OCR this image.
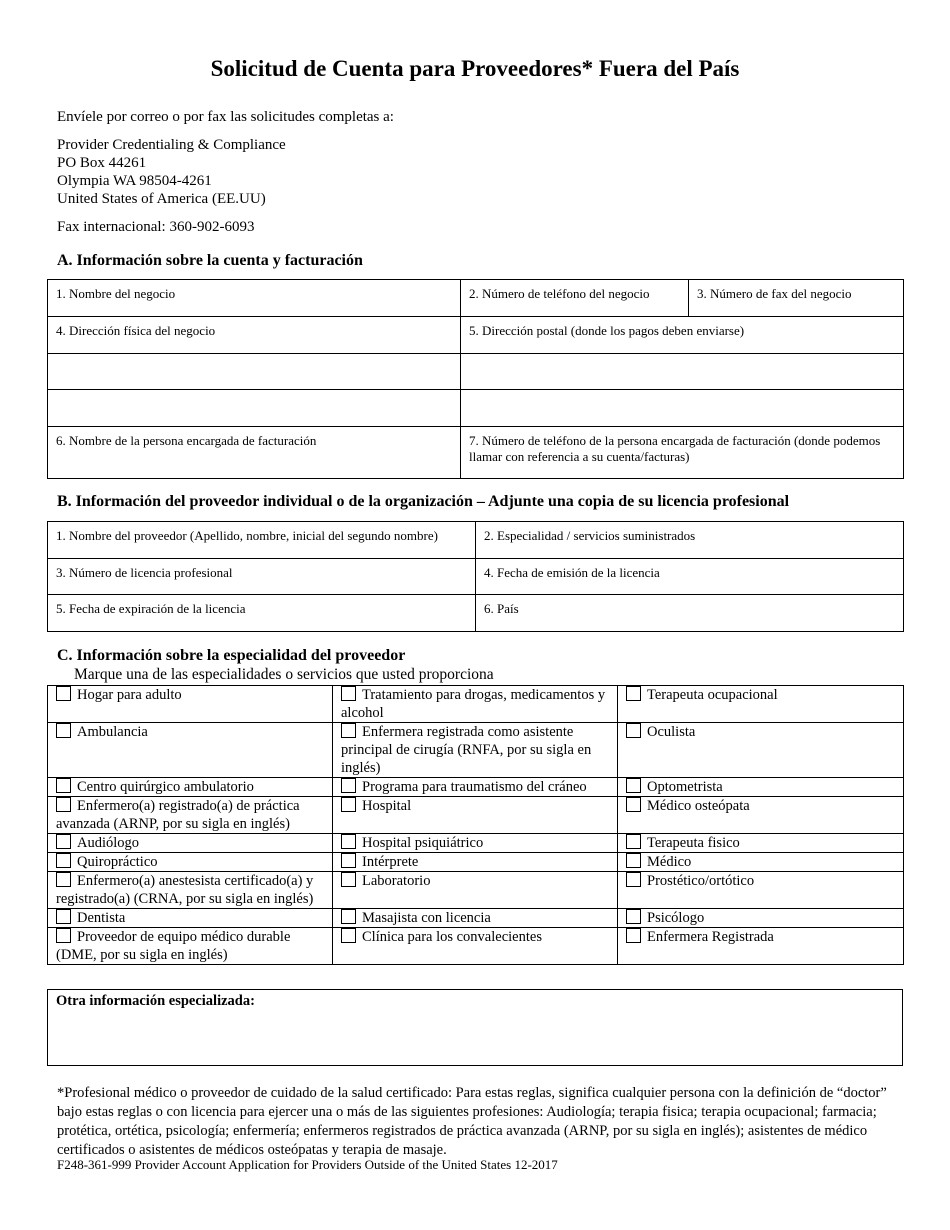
Solicitud de Cuenta para Proveedores* Fuera del País
Envíele por correo o por fax las solicitudes completas a:
Provider Credentialing & Compliance
PO Box 44261
Olympia WA 98504-4261
United States of America (EE.UU)
Fax internacional: 360-902-6093
A. Información sobre la cuenta y facturación
1. Nombre del negocio	2. Número de teléfono del negocio	3. Número de fax del negocio
4. Dirección física del negocio	5. Dirección postal (donde los pagos deben enviarse)	

6. Nombre de la persona encargada de facturación	7. Número de teléfono de la persona encargada de facturación (donde podemos llamar con referencia a su cuenta/facturas)	
B. Información del proveedor individual o de la organización – Adjunte una copia de su licencia profesional
1. Nombre del proveedor (Apellido, nombre, inicial del segundo nombre)	2. Especialidad / servicios suministrados
3. Número de licencia profesional	4. Fecha de emisión de la licencia
5. Fecha de expiración de la licencia	6. País
C. Información sobre la especialidad del proveedor
Marque una de las especialidades o servicios que usted proporciona
Hogar para adulto	Tratamiento para drogas, medicamentos y alcohol	Terapeuta ocupacional
Ambulancia	Enfermera registrada como asistente principal de cirugía (RNFA, por su sigla en inglés)	Oculista
Centro quirúrgico ambulatorio	Programa para traumatismo del cráneo	Optometrista
Enfermero(a) registrado(a) de práctica avanzada (ARNP, por su sigla en inglés)	Hospital	Médico osteópata
Audiólogo	Hospital psiquiátrico	Terapeuta fisico
Quiropráctico	Intérprete	Médico
Enfermero(a) anestesista certificado(a) y registrado(a) (CRNA, por su sigla en inglés)	Laboratorio	Prostético/ortótico
Dentista	Masajista con licencia	Psicólogo
Proveedor de equipo médico durable (DME, por su sigla en inglés)	Clínica para los convalecientes	Enfermera Registrada
Otra información especializada:
*Profesional médico o proveedor de cuidado de la salud certificado: Para estas reglas, significa cualquier persona con la definición de “doctor” bajo estas reglas o con licencia para ejercer una o más de las siguientes profesiones: Audiología; terapia fisica; terapia ocupacional; farmacia; protética, ortética, psicología; enfermería; enfermeros registrados de práctica avanzada (ARNP, por su sigla en inglés); asistentes de médico certificados o asistentes de médicos osteópatas y terapia de masaje.
F248-361-999 Provider Account Application for Providers Outside of the United States 12-2017
